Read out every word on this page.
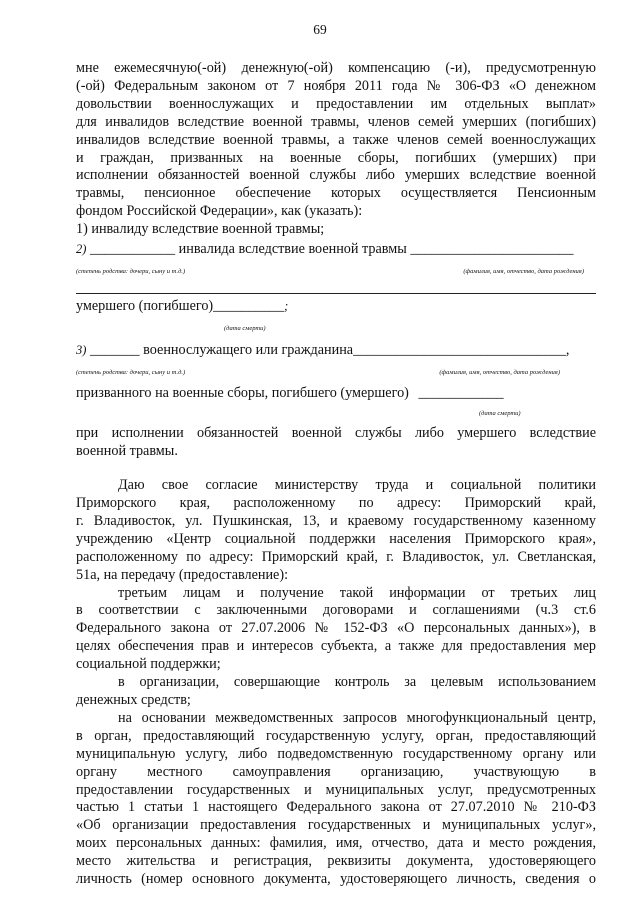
69
мне ежемесячную(-ой) денежную(-ой) компенсацию (-и), предусмотренную
(-ой) Федеральным законом от 7 ноября 2011 года № 306-ФЗ «О денежном
довольствии военнослужащих и предоставлении им отдельных выплат»
для инвалидов вследствие военной травмы, членов семей умерших (погибших)
инвалидов вследствие военной травмы, а также членов семей военнослужащих
и граждан, призванных на военные сборы, погибших (умерших) при
исполнении обязанностей военной службы либо умерших вследствие военной
травмы, пенсионное обеспечение которых осуществляется Пенсионным
фондом Российской Федерации», как (указать):
1) инвалиду вследствие военной травмы;
2) ____________ инвалида вследствие военной травмы _______________________
(степень родства: дочери, сыну и т.д.)	(фамилия, имя, отчество, дата рождения)
умершего (погибшего)__________;
(дата смерти)
3) _______ военнослужащего или гражданина______________________________,
(степень родства: дочери, сыну и т.д.)	(фамилия, имя, отчество, дата рождения)
призванного на военные сборы, погибшего (умершего) ____________
(дата смерти)
при исполнении обязанностей военной службы либо умершего вследствие
военной травмы.
Даю свое согласие министерству труда и социальной политики
Приморского края, расположенному по адресу: Приморский край,
г. Владивосток, ул. Пушкинская, 13, и краевому государственному казенному
учреждению «Центр социальной поддержки населения Приморского края»,
расположенному по адресу: Приморский край, г. Владивосток, ул. Светланская,
51а, на передачу (предоставление):
третьим лицам и получение такой информации от третьих лиц
в соответствии с заключенными договорами и соглашениями (ч.3 ст.6
Федерального закона от 27.07.2006 № 152-ФЗ «О персональных данных»), в
целях обеспечения прав и интересов субъекта, а также для предоставления мер
социальной поддержки;
в организации, совершающие контроль за целевым использованием
денежных средств;
на основании межведомственных запросов многофункциональный центр,
в орган, предоставляющий государственную услугу, орган, предоставляющий
муниципальную услугу, либо подведомственную государственному органу или
органу местного самоуправления организацию, участвующую в
предоставлении государственных и муниципальных услуг, предусмотренных
частью 1 статьи 1 настоящего Федерального закона от 27.07.2010 № 210-ФЗ
«Об организации предоставления государственных и муниципальных услуг»,
моих персональных данных: фамилия, имя, отчество, дата и место рождения,
место жительства и регистрация, реквизиты документа, удостоверяющего
личность (номер основного документа, удостоверяющего личность, сведения о
